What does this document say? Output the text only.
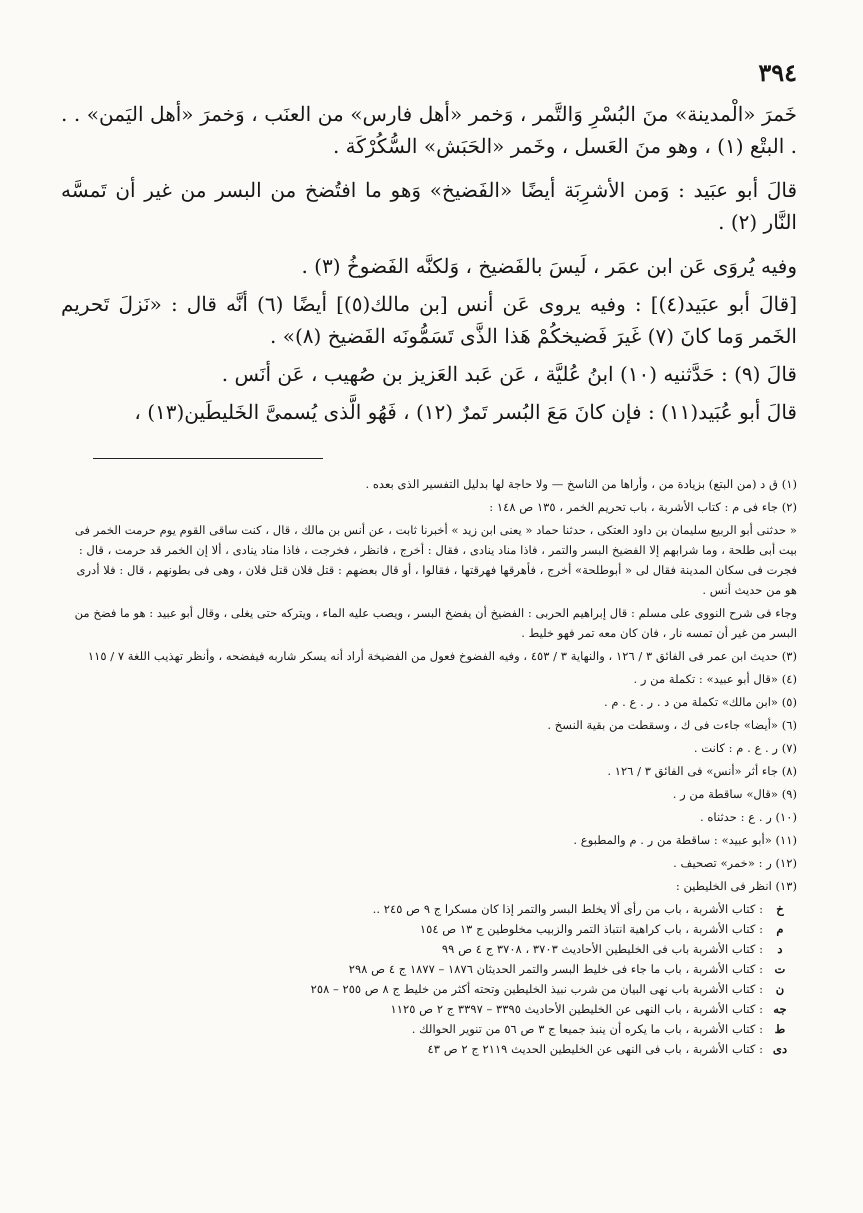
٣٩٤

خَمرَ «الْمدينة» منَ البُسْرِ وَالتَّمر ، وَخمر «أهل فارس» من العنَب ، وَخمرَ «أهل اليَمن» . . . البتْع (١) ، وهو منَ العَسل ، وخَمر «الحَبَش» السُّكُرْكَة .

قالَ أبو عبَيد : وَمن الأشرِبَة أيضًا «الفَضيخ» وَهو ما افتُضخ من البسر من غير أن تَمسَّه النَّار (٢) .

وفيه يُروَى عَن ابن عمَر ، لَيسَ بالفَضيخ ، وَلكنَّه الفَضوخُ (٣) .

[قالَ أبو عبَيد(٤)] : وفيه يروى عَن أنس [بن مالك(٥)] أيضًا (٦) أنَّه قال : «نَزلَ تَحريم الخَمر وَما كانَ (٧) غَيرَ فَضيخكُمْ هَذا الذَّى تَسَمُّونَه الفَضيخ (٨)» .

قالَ (٩) : حَدَّثنيه (١٠) ابنُ عُليَّة ، عَن عَبد العَزيز بن صُهيب ، عَن أنَس .

قالَ أبو عُبَيد(١١) : فإن كانَ مَعَ البُسر تَمرٌ (١٢) ، فَهُو الَّذى يُسمىَّ الخَليطَين(١٣) ،

(١) ق د (من البتع) بزيادة من ، وأراها من الناسخ — ولا حاجة لها بدليل التفسير الذى بعده .
(٢) جاء فى م : كتاب الأشربة ، باب تحريم الخمر ، ١٣٥ ص ١٤٨ :
« حدثنى أبو الربيع سليمان بن داود العتكى ، حدثنا حماد « يعنى ابن زيد » أخبرنا ثابت ، عن أنس بن مالك ، قال ، كنت ساقى القوم يوم حرمت الخمر فى بيت أبى طلحة ، وما شرابهم إلا الفضيخ البسر والتمر ، فاذا مناد ينادى ، فقال : أخرج ، فانظر ، فخرجت ، فاذا مناد ينادى ، ألا إن الخمر قد حرمت ، قال : فجرت فى سكان المدينة فقال لى « أبوطلحة» أخرج ، فأهرقها فهرقتها ، فقالوا ، أو قال بعضهم : قتل فلان قتل فلان ، وهى فى بطونهم ، قال : فلا أدرى هو من حديث أنس .
وجاء فى شرح النووى على مسلم : قال إبراهيم الحربى : الفضيخ أن يفضخ البسر ، ويصب عليه الماء ، ويتركه حتى يغلى ، وقال أبو عبيد : هو ما فضخ من البسر من غير أن تمسه نار ، فان كان معه تمر فهو خليط .
(٣) حديث ابن عمر فى الفائق ٣ / ١٢٦ ، والنهاية ٣ / ٤٥٣ ، وفيه الفضوخ فعول من الفضيخة أراد أنه يسكر شاربه فيفضحه ، وأنظر تهذيب اللغة ٧ / ١١٥
(٤) «قال أبو عبيد» : تكملة من ر .
(٥) «ابن مالك» تكملة من د . ر . ع . م .
(٦) «أيضا» جاءت فى ك ، وسقطت من بقية النسخ .
(٧) ر . ع . م : كانت .
(٨) جاء أثر «أنس» فى الفائق ٣ / ١٢٦ .
(٩) «قال» ساقطة من ر .
(١٠) ر . ع : حدثناه .
(١١) «أبو عبيد» : ساقطة من ر . م والمطبوع .
(١٢) ر : «خمر» تصحيف .
(١٣) انظر فى الخليطين :
خ
: كتاب الأشربة ، باب من رأى ألا يخلط البسر والتمر إذا كان مسكرا ج ٩ ص ٢٤٥ ..
م
: كتاب الأشربة ، باب كراهية انتباذ التمر والزبيب مخلوطين ج ١٣ ص ١٥٤
د
: كتاب الأشربة باب فى الخليطين الأحاديث ٣٧٠٣ ، ٣٧٠٨ ج ٤ ص ٩٩
ت
: كتاب الأشربة ، باب ما جاء فى خليط البسر والتمر الحديثان ١٨٧٦ – ١٨٧٧ ج ٤ ص ٢٩٨
ن
: كتاب الأشربة باب نهى البيان من شرب نبيذ الخليطين وتحته أكثر من خليط ج ٨ ص ٢٥٥ – ٢٥٨
جه
: كتاب الأشربة ، باب النهى عن الخليطين الأحاديث ٣٣٩٥ – ٣٣٩٧ ج ٢ ص ١١٢٥
ط
: كتاب الأشربة ، باب ما يكره أن ينبذ جميعا ج ٣ ص ٥٦ من تنوير الحوالك .
دى
: كتاب الأشربة ، باب فى النهى عن الخليطين الحديث ٢١١٩ ج ٢ ص ٤٣
